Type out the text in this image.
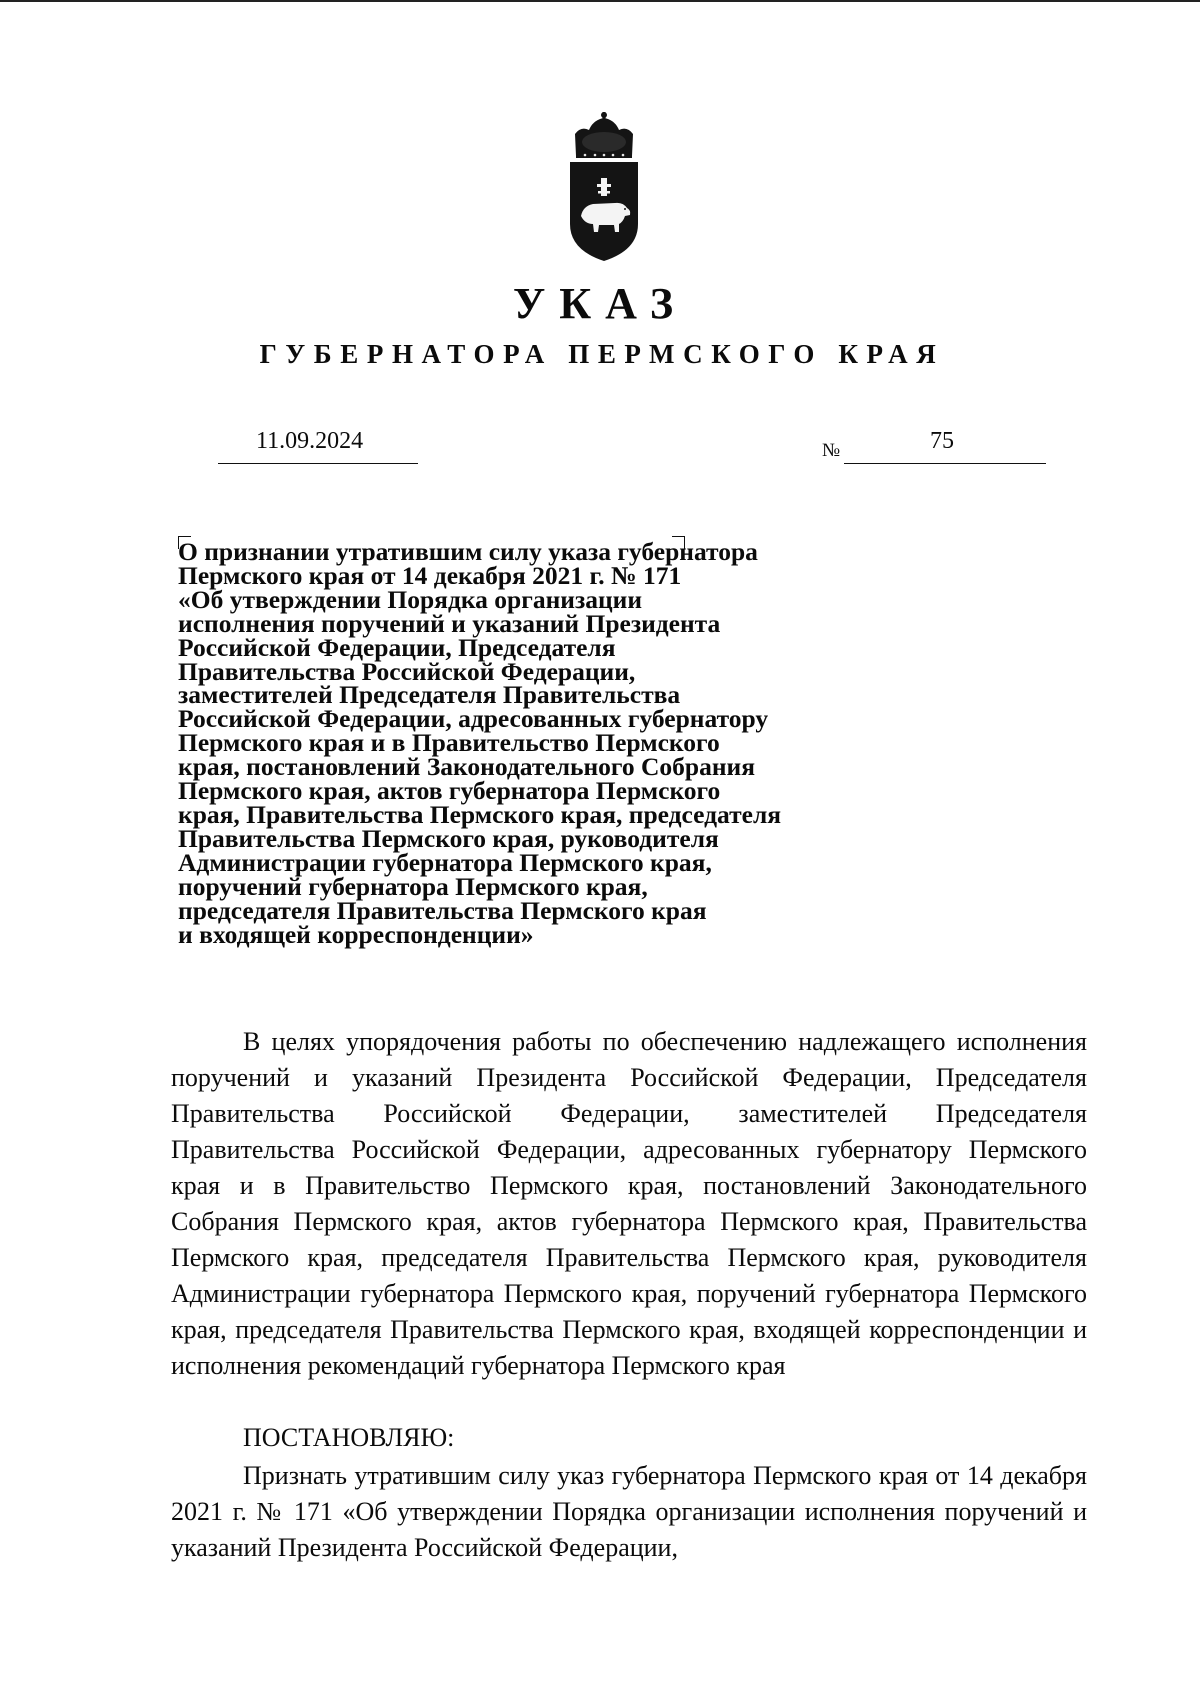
УКАЗ
ГУБЕРНАТОРА ПЕРМСКОГО КРАЯ
11.09.2024	№	75
О признании утратившим силу указа губернатора
Пермского края от 14 декабря 2021 г. № 171
«Об утверждении Порядка организации
исполнения поручений и указаний Президента
Российской Федерации, Председателя
Правительства Российской Федерации,
заместителей Председателя Правительства
Российской Федерации, адресованных губернатору
Пермского края и в Правительство Пермского
края, постановлений Законодательного Собрания
Пермского края, актов губернатора Пермского
края, Правительства Пермского края, председателя
Правительства Пермского края, руководителя
Администрации губернатора Пермского края,
поручений губернатора Пермского края,
председателя Правительства Пермского края
и входящей корреспонденции»

В целях упорядочения работы по обеспечению надлежащего исполнения поручений и указаний Президента Российской Федерации, Председателя Правительства Российской Федерации, заместителей Председателя Правительства Российской Федерации, адресованных губернатору Пермского края и в Правительство Пермского края, постановлений Законодательного Собрания Пермского края, актов губернатора Пермского края, Правительства Пермского края, председателя Правительства Пермского края, руководителя Администрации губернатора Пермского края, поручений губернатора Пермского края, председателя Правительства Пермского края, входящей корреспонденции и исполнения рекомендаций губернатора Пермского края

ПОСТАНОВЛЯЮ:

Признать утратившим силу указ губернатора Пермского края от 14 декабря 2021 г. № 171 «Об утверждении Порядка организации исполнения поручений и указаний Президента Российской Федерации,
